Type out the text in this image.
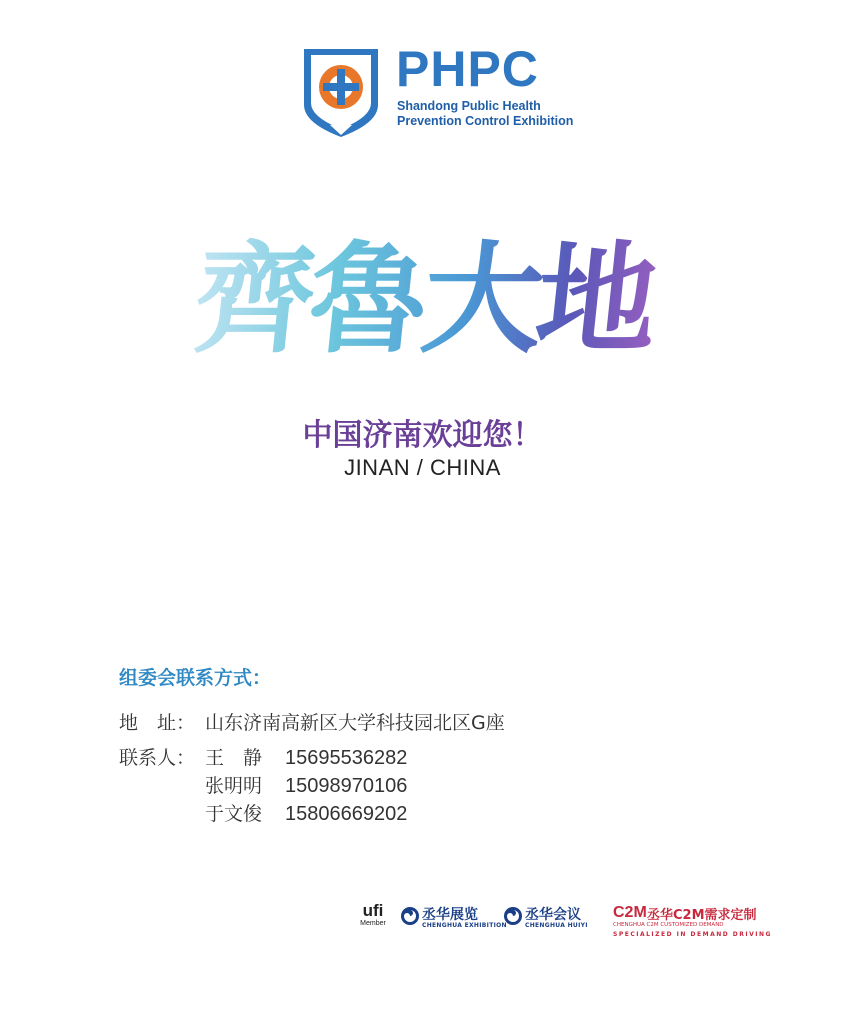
PHPC
Shandong Public Health
Prevention Control Exhibition
齊魯大地
中国济南欢迎您！
JINAN / CHINA
组委会联系方式：
地　址： 山东济南高新区大学科技园北区G座
联系人： 王　静 15695536282
张明明 15098970106
于文俊 15806669202
ufi
Member
丞华展览
CHENGHUA EXHIBITION
丞华会议
CHENGHUA HUIYI
C2M 丞华C2M需求定制
CHENGHUA C2M CUSTOMIZED DEMAND
SPECIALIZED IN DEMAND DRIVING
